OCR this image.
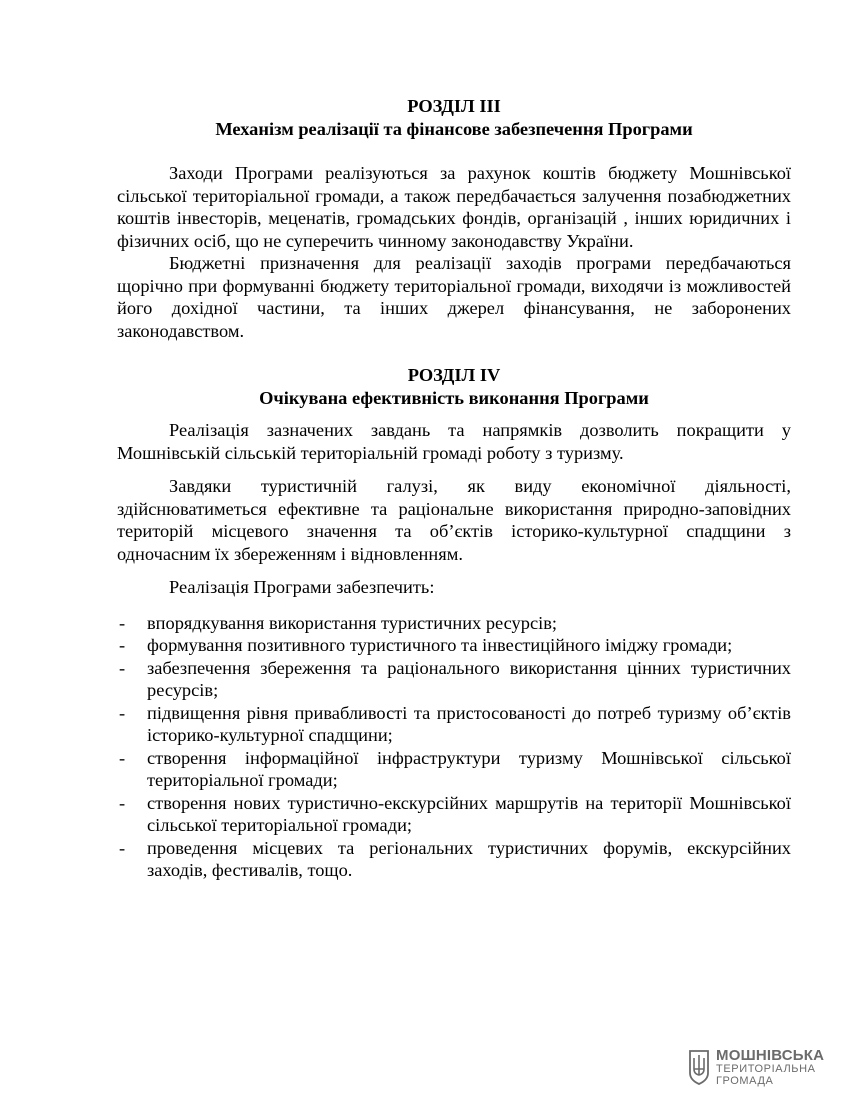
РОЗДІЛ ІІІ
Механізм реалізації та фінансове забезпечення Програми

Заходи Програми реалізуються за рахунок коштів бюджету Мошнівської сільської територіальної громади, а також передбачається залучення позабюджетних коштів інвесторів, меценатів, громадських фондів, організацій , інших юридичних і фізичних осіб, що не суперечить чинному законодавству України.

Бюджетні призначення для реалізації заходів програми передбачаються щорічно при формуванні бюджету територіальної громади, виходячи із можливостей його дохідної частини, та інших джерел фінансування, не заборонених законодавством.

РОЗДІЛ IV
Очікувана ефективність виконання Програми

Реалізація зазначених завдань та напрямків дозволить покращити у Мошнівській сільській територіальній громаді роботу з туризму.

Завдяки туристичній галузі, як виду економічної діяльності, здійснюватиметься ефективне та раціональне використання природно-заповідних територій місцевого значення та об’єктів історико-культурної спадщини з одночасним їх збереженням і відновленням.

Реалізація Програми забезпечить:

- впорядкування використання туристичних ресурсів;
- формування позитивного туристичного та інвестиційного іміджу громади;
- забезпечення збереження та раціонального використання цінних туристичних ресурсів;
- підвищення рівня привабливості та пристосованості до потреб туризму об’єктів історико-культурної спадщини;
- створення інформаційної інфраструктури туризму Мошнівської сільської територіальної громади;
- створення нових туристично-екскурсійних маршрутів на території Мошнівської сільської територіальної громади;
- проведення місцевих та регіональних туристичних форумів, екскурсійних заходів, фестивалів, тощо.
МОШНІВСЬКА
ТЕРИТОРІАЛЬНА
ГРОМАДА
